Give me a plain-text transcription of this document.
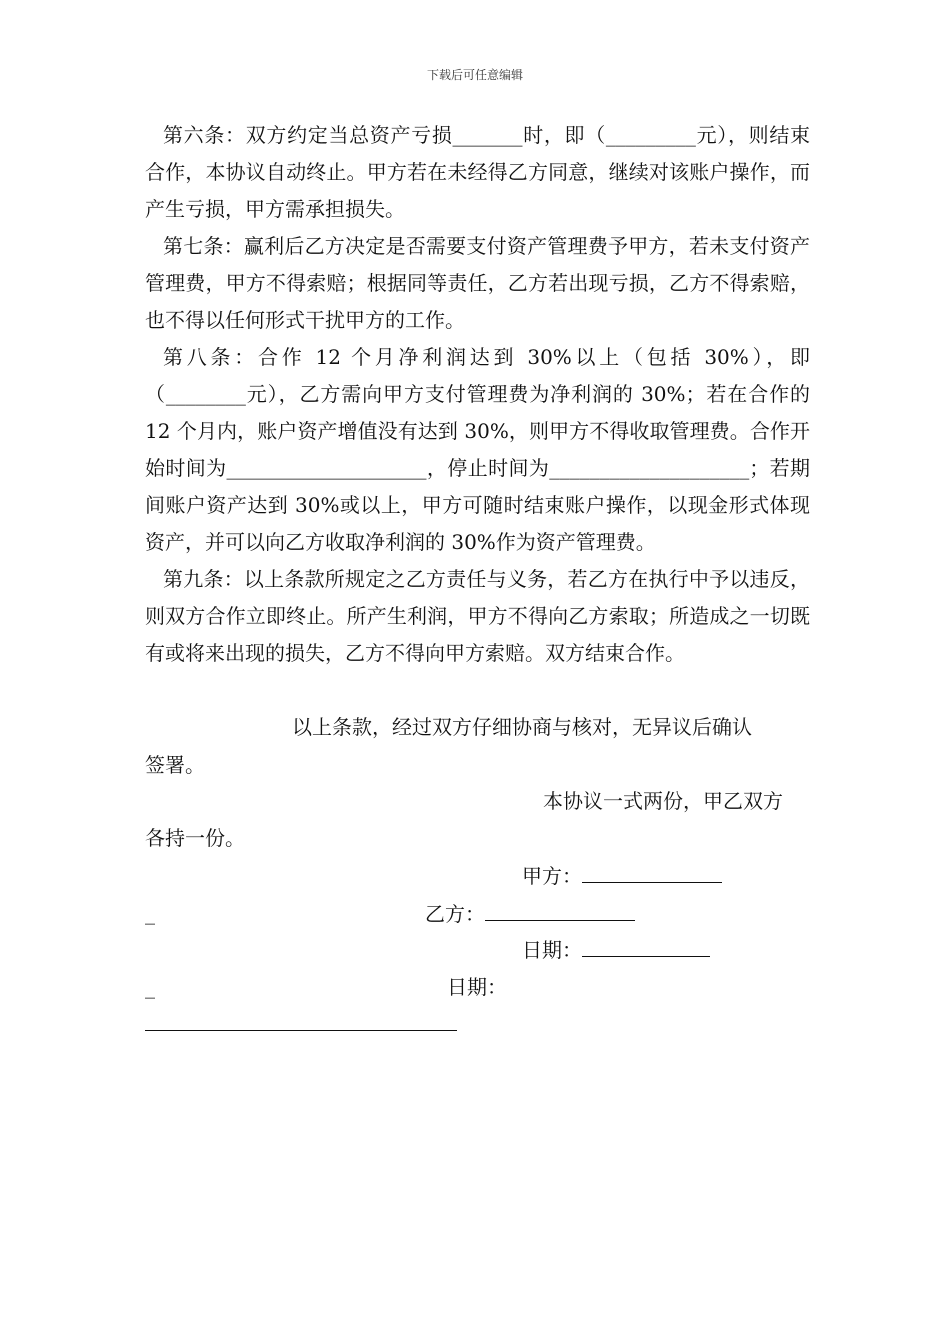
下载后可任意编辑

第六条：双方约定当总资产亏损_______时，即（_________元），则结束合作，本协议自动终止。甲方若在未经得乙方同意，继续对该账户操作，而产生亏损，甲方需承担损失。

第七条：赢利后乙方决定是否需要支付资产管理费予甲方，若未支付资产管理费，甲方不得索赔；根据同等责任，乙方若出现亏损，乙方不得索赔，也不得以任何形式干扰甲方的工作。

第八条：合作 12 个月净利润达到 30%以上（包括 30%），即（________元），乙方需向甲方支付管理费为净利润的 30%；若在合作的 12 个月内，账户资产增值没有达到 30%，则甲方不得收取管理费。合作开始时间为____________________，停止时间为____________________；若期间账户资产达到 30%或以上，甲方可随时结束账户操作，以现金形式体现资产，并可以向乙方收取净利润的 30%作为资产管理费。

第九条：以上条款所规定之乙方责任与义务，若乙方在执行中予以违反，则双方合作立即终止。所产生利润，甲方不得向乙方索取；所造成之一切既有或将来出现的损失，乙方不得向甲方索赔。双方结束合作。

以上条款，经过双方仔细协商与核对，无异议后确认
签署。
本协议一式两份，甲乙双方
各持一份。
甲方：
_	乙方：
日期：
_	日期：
